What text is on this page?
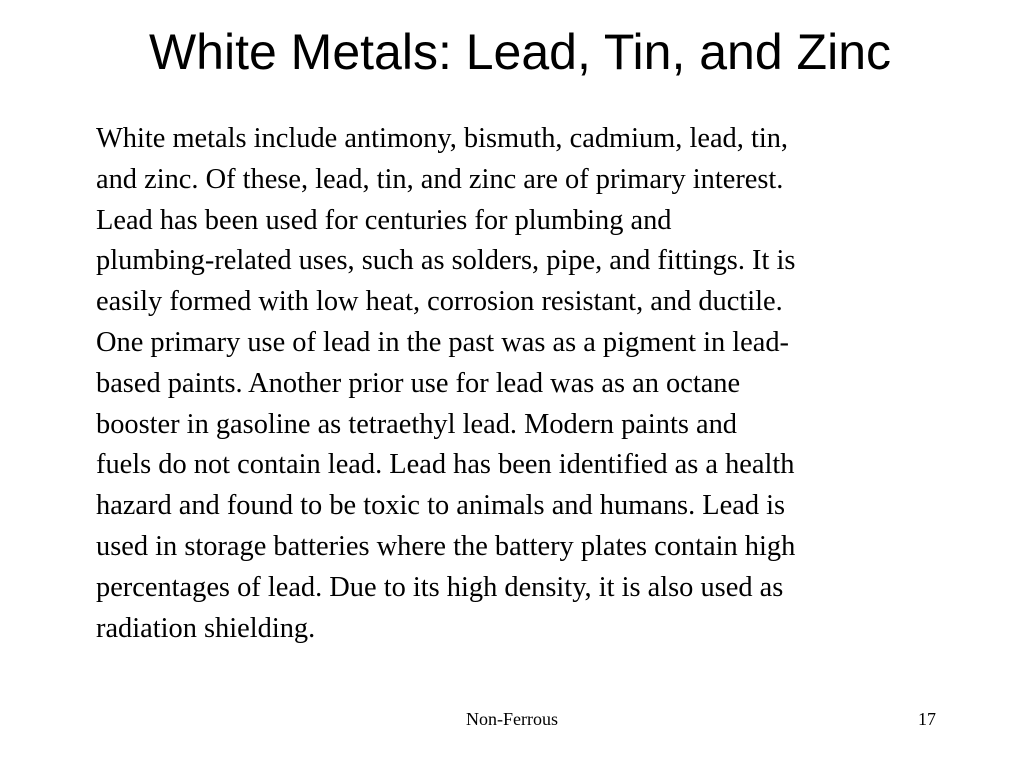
White Metals: Lead, Tin, and Zinc
White metals include antimony, bismuth, cadmium, lead, tin,
and zinc. Of these, lead, tin, and zinc are of primary interest.
Lead has been used for centuries for plumbing and
plumbing-related uses, such as solders, pipe, and fittings. It is
easily formed with low heat, corrosion resistant, and ductile.
One primary use of lead in the past was as a pigment in lead-
based paints. Another prior use for lead was as an octane
booster in gasoline as tetraethyl lead. Modern paints and
fuels do not contain lead. Lead has been identified as a health
hazard and found to be toxic to animals and humans. Lead is
used in storage batteries where the battery plates contain high
percentages of lead. Due to its high density, it is also used as
radiation shielding.
Non-Ferrous	17
